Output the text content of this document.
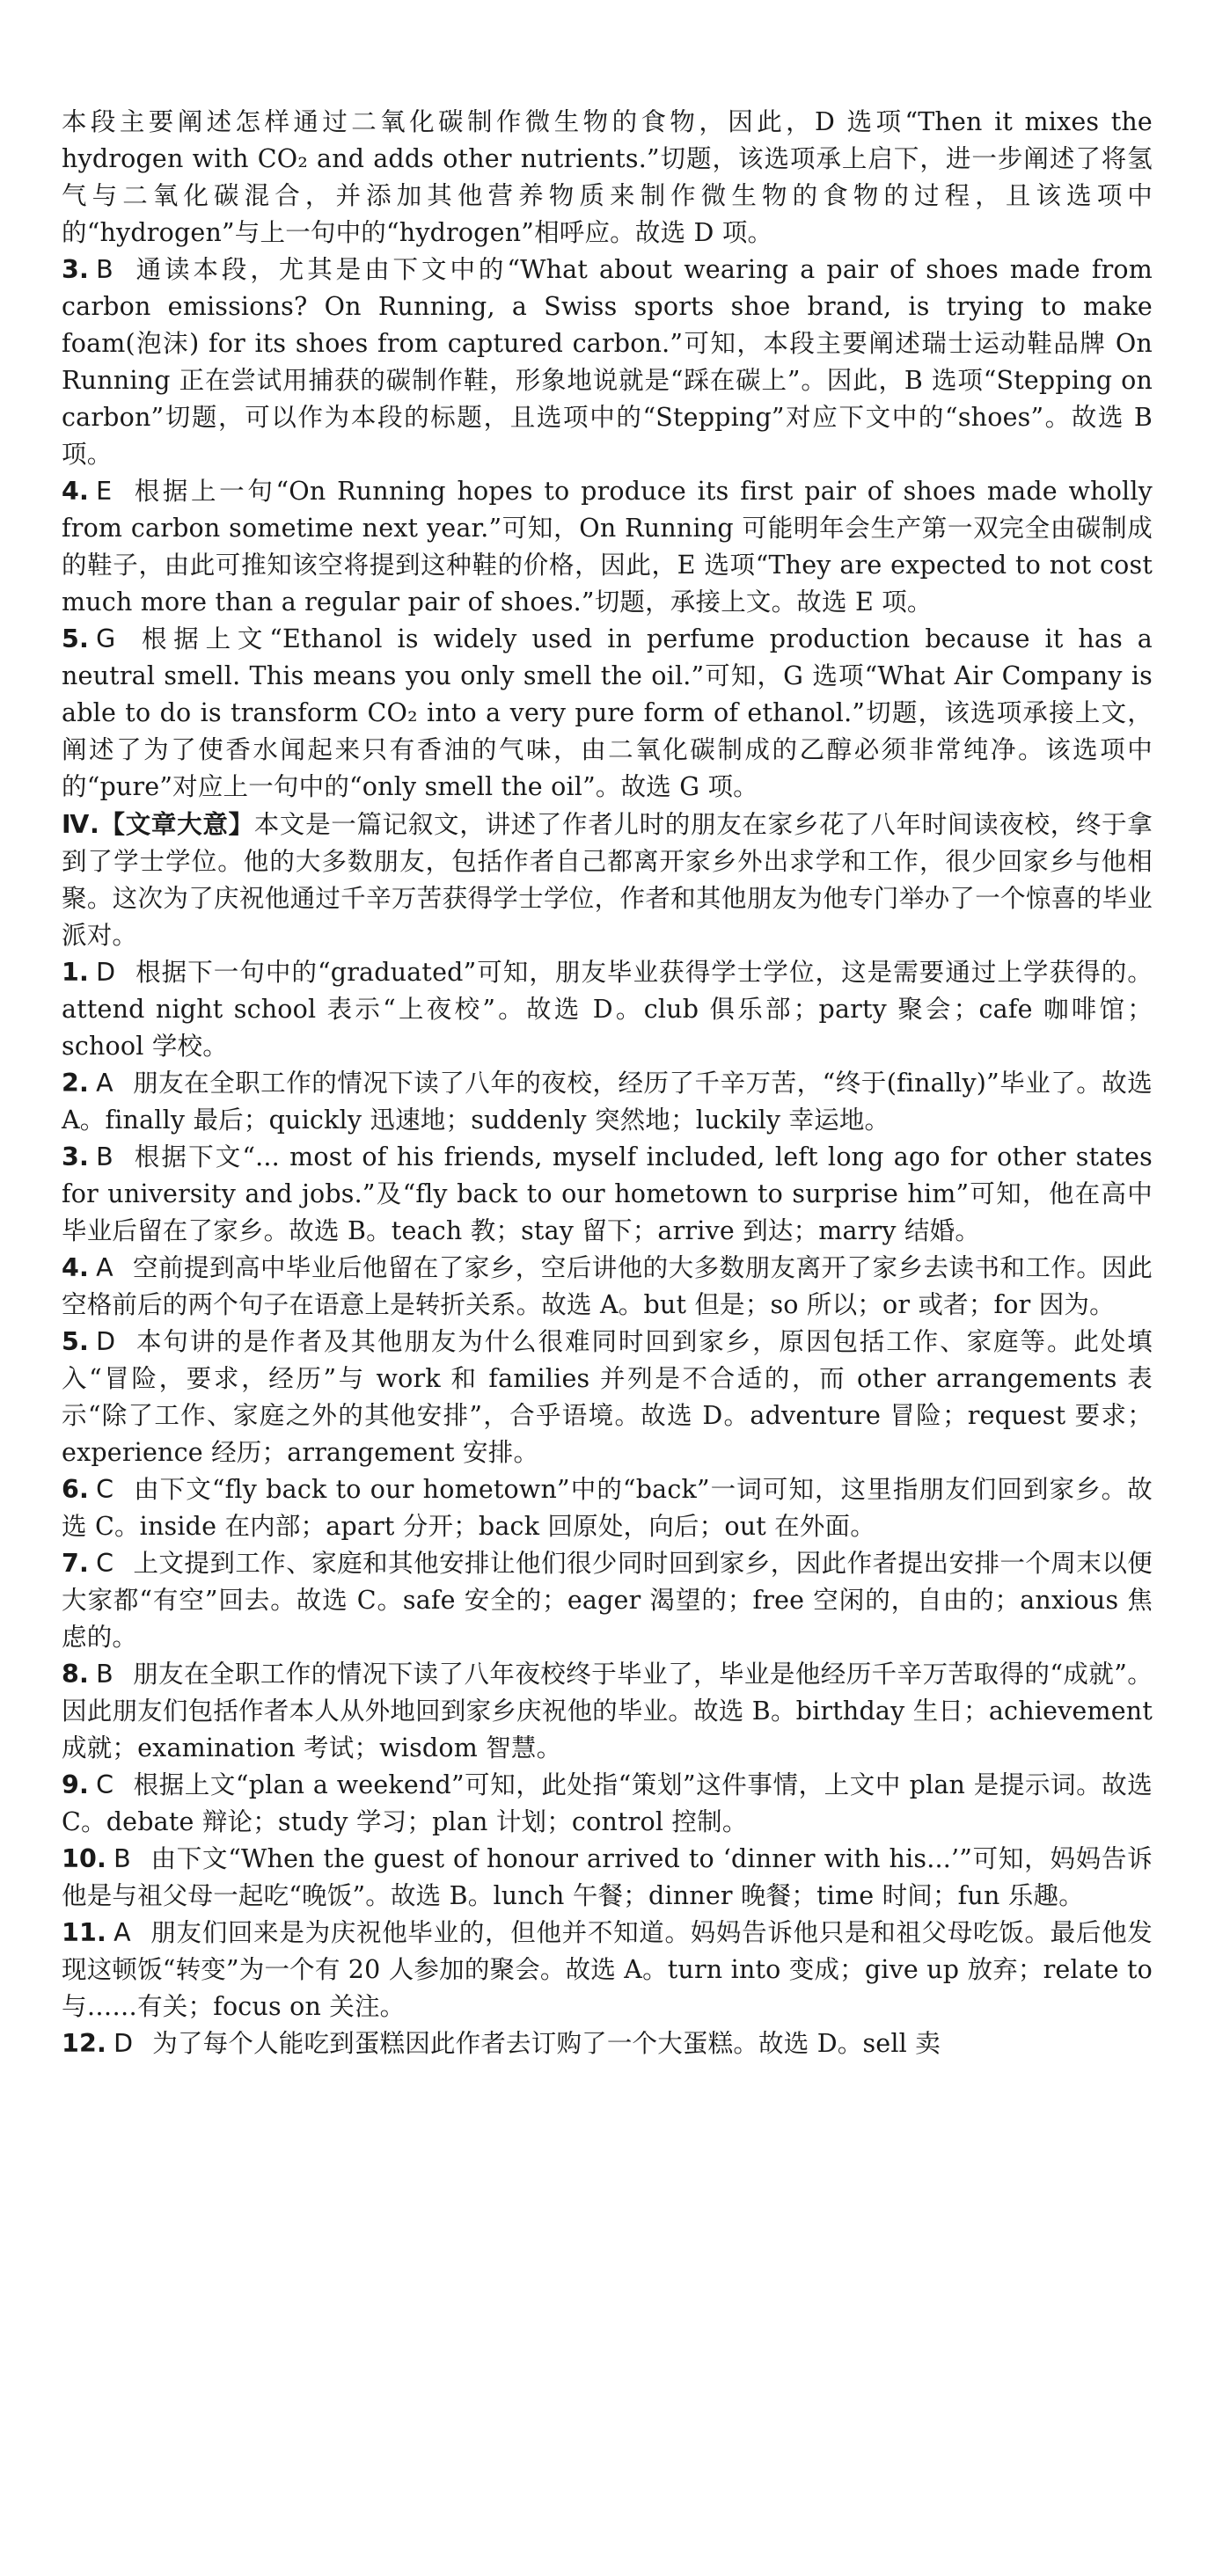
本段主要阐述怎样通过二氧化碳制作微生物的食物，因此，D 选项“Then it mixes the hydrogen with CO₂ and adds other nutrients.”切题，该选项承上启下，进一步阐述了将氢气与二氧化碳混合，并添加其他营养物质来制作微生物的食物的过程，且该选项中的“hydrogen”与上一句中的“hydrogen”相呼应。故选 D 项。

3. B 通读本段，尤其是由下文中的“What about wearing a pair of shoes made from carbon emissions? On Running, a Swiss sports shoe brand, is trying to make foam(泡沫) for its shoes from captured carbon.”可知，本段主要阐述瑞士运动鞋品牌 On Running 正在尝试用捕获的碳制作鞋，形象地说就是“踩在碳上”。因此，B 选项“Stepping on carbon”切题，可以作为本段的标题，且选项中的“Stepping”对应下文中的“shoes”。故选 B 项。

4. E 根据上一句“On Running hopes to produce its first pair of shoes made wholly from carbon sometime next year.”可知，On Running 可能明年会生产第一双完全由碳制成的鞋子，由此可推知该空将提到这种鞋的价格，因此，E 选项“They are expected to not cost much more than a regular pair of shoes.”切题，承接上文。故选 E 项。

5. G 根据上文“Ethanol is widely used in perfume production because it has a neutral smell. This means you only smell the oil.”可知，G 选项“What Air Company is able to do is transform CO₂ into a very pure form of ethanol.”切题，该选项承接上文，阐述了为了使香水闻起来只有香油的气味，由二氧化碳制成的乙醇必须非常纯净。该选项中的“pure”对应上一句中的“only smell the oil”。故选 G 项。

Ⅳ.【文章大意】本文是一篇记叙文，讲述了作者儿时的朋友在家乡花了八年时间读夜校，终于拿到了学士学位。他的大多数朋友，包括作者自己都离开家乡外出求学和工作，很少回家乡与他相聚。这次为了庆祝他通过千辛万苦获得学士学位，作者和其他朋友为他专门举办了一个惊喜的毕业派对。

1. D 根据下一句中的“graduated”可知，朋友毕业获得学士学位，这是需要通过上学获得的。attend night school 表示“上夜校”。故选 D。club 俱乐部；party 聚会；cafe 咖啡馆；school 学校。

2. A 朋友在全职工作的情况下读了八年的夜校，经历了千辛万苦，“终于(finally)”毕业了。故选 A。finally 最后；quickly 迅速地；suddenly 突然地；luckily 幸运地。

3. B 根据下文“... most of his friends, myself included, left long ago for other states for university and jobs.”及“fly back to our hometown to surprise him”可知，他在高中毕业后留在了家乡。故选 B。teach 教；stay 留下；arrive 到达；marry 结婚。

4. A 空前提到高中毕业后他留在了家乡，空后讲他的大多数朋友离开了家乡去读书和工作。因此空格前后的两个句子在语意上是转折关系。故选 A。but 但是；so 所以；or 或者；for 因为。

5. D 本句讲的是作者及其他朋友为什么很难同时回到家乡，原因包括工作、家庭等。此处填入“冒险，要求，经历”与 work 和 families 并列是不合适的，而 other arrangements 表示“除了工作、家庭之外的其他安排”，合乎语境。故选 D。adventure 冒险；request 要求；experience 经历；arrangement 安排。

6. C 由下文“fly back to our hometown”中的“back”一词可知，这里指朋友们回到家乡。故选 C。inside 在内部；apart 分开；back 回原处，向后；out 在外面。

7. C 上文提到工作、家庭和其他安排让他们很少同时回到家乡，因此作者提出安排一个周末以便大家都“有空”回去。故选 C。safe 安全的；eager 渴望的；free 空闲的，自由的；anxious 焦虑的。

8. B 朋友在全职工作的情况下读了八年夜校终于毕业了，毕业是他经历千辛万苦取得的“成就”。因此朋友们包括作者本人从外地回到家乡庆祝他的毕业。故选 B。birthday 生日；achievement 成就；examination 考试；wisdom 智慧。

9. C 根据上文“plan a weekend”可知，此处指“策划”这件事情，上文中 plan 是提示词。故选 C。debate 辩论；study 学习；plan 计划；control 控制。

10. B 由下文“When the guest of honour arrived to ‘dinner with his...’”可知，妈妈告诉他是与祖父母一起吃“晚饭”。故选 B。lunch 午餐；dinner 晚餐；time 时间；fun 乐趣。

11. A 朋友们回来是为庆祝他毕业的，但他并不知道。妈妈告诉他只是和祖父母吃饭。最后他发现这顿饭“转变”为一个有 20 人参加的聚会。故选 A。turn into 变成；give up 放弃；relate to 与……有关；focus on 关注。

12. D 为了每个人能吃到蛋糕因此作者去订购了一个大蛋糕。故选 D。sell 卖
